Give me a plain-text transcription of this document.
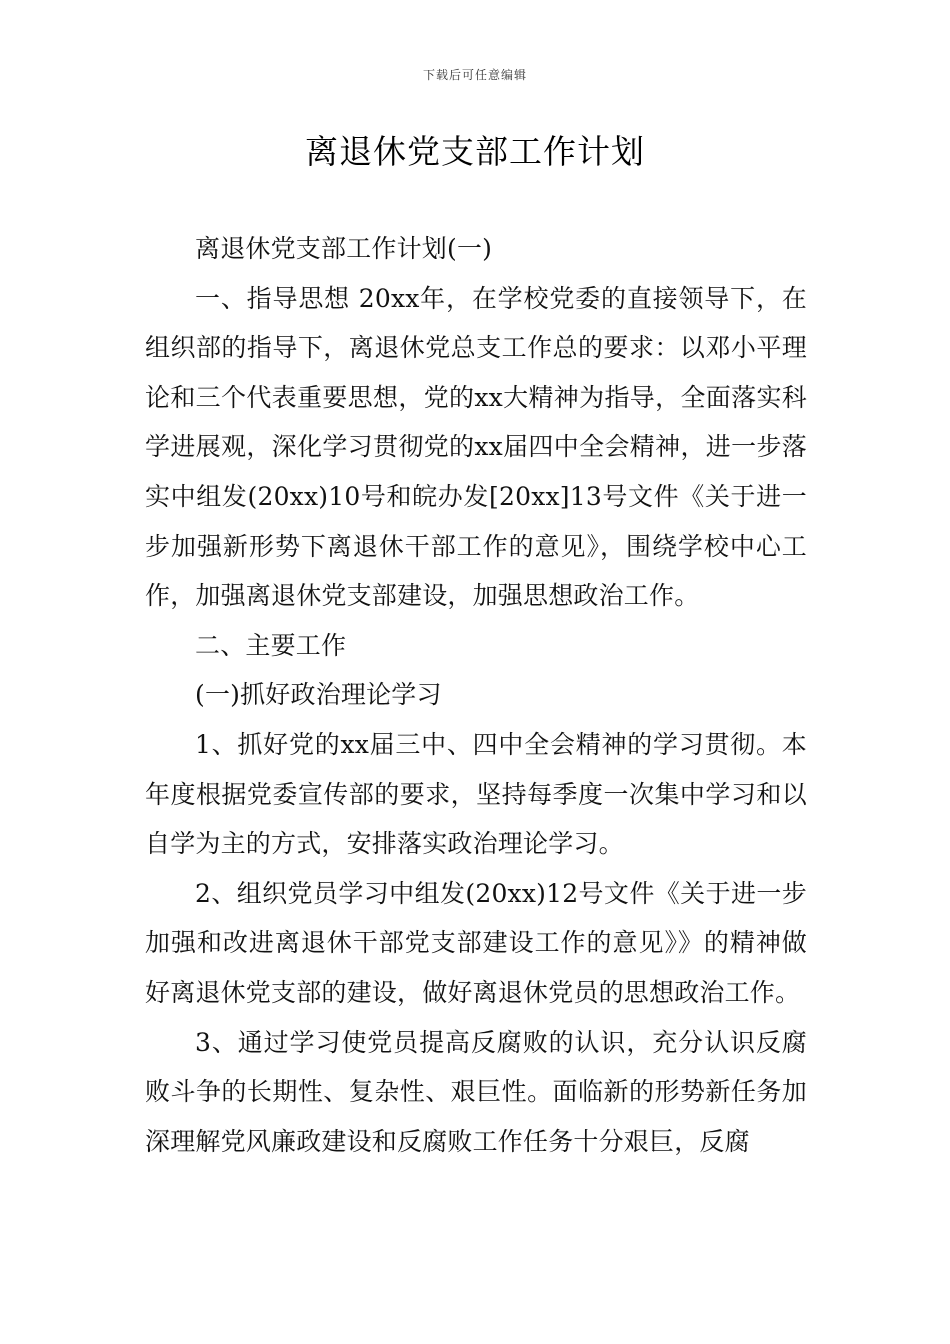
下载后可任意编辑
离退休党支部工作计划

离退休党支部工作计划(一)

一、指导思想 20xx年，在学校党委的直接领导下，在组织部的指导下，离退休党总支工作总的要求：以邓小平理论和三个代表重要思想，党的xx大精神为指导，全面落实科学进展观，深化学习贯彻党的xx届四中全会精神，进一步落实中组发(20xx)10号和皖办发[20xx]13号文件《关于进一步加强新形势下离退休干部工作的意见》，围绕学校中心工作，加强离退休党支部建设，加强思想政治工作。

二、主要工作

(一)抓好政治理论学习

1、抓好党的xx届三中、四中全会精神的学习贯彻。本年度根据党委宣传部的要求，坚持每季度一次集中学习和以自学为主的方式，安排落实政治理论学习。

2、组织党员学习中组发(20xx)12号文件《关于进一步加强和改进离退休干部党支部建设工作的意见》》的精神做好离退休党支部的建设，做好离退休党员的思想政治工作。

3、通过学习使党员提高反腐败的认识，充分认识反腐败斗争的长期性、复杂性、艰巨性。面临新的形势新任务加深理解党风廉政建设和反腐败工作任务十分艰巨，反腐
